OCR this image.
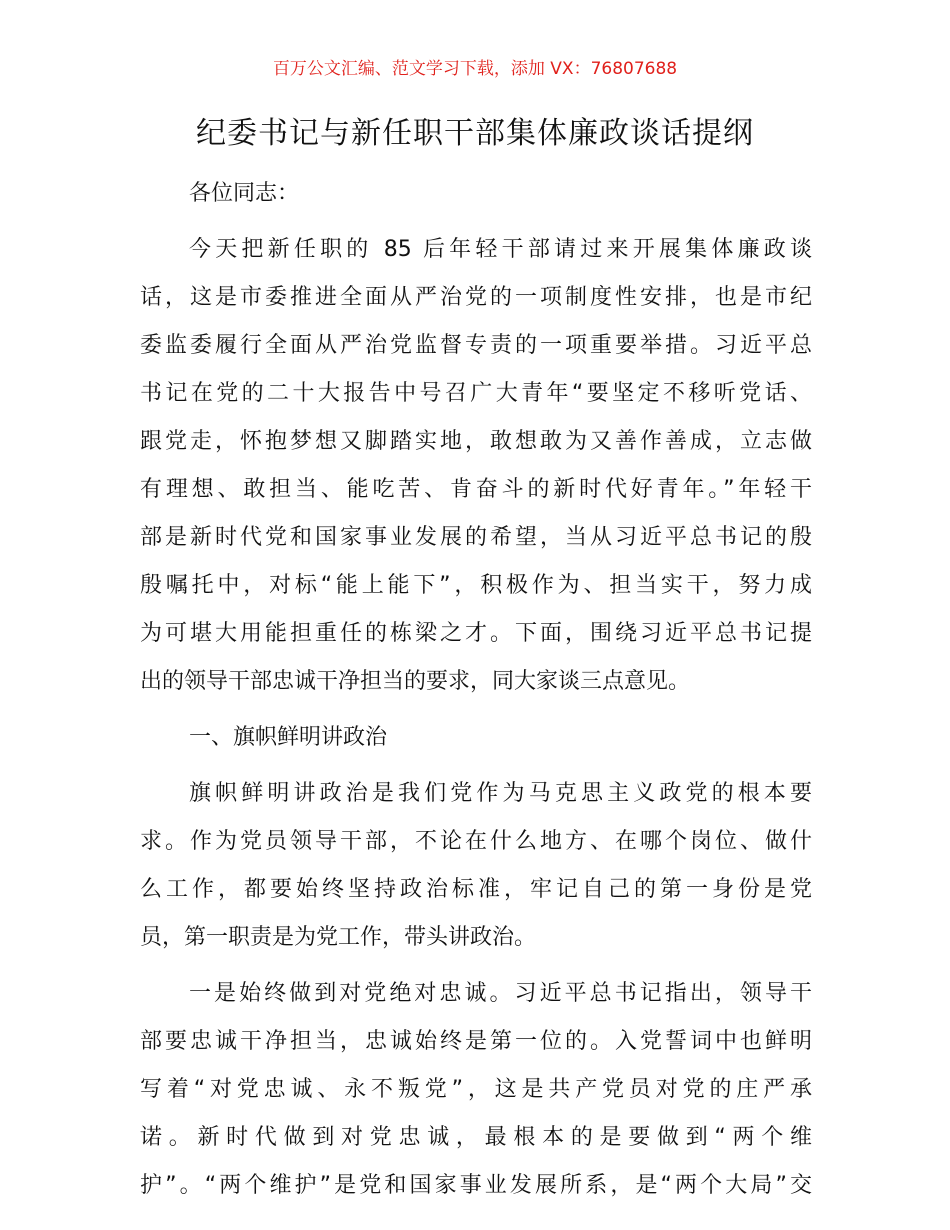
百万公文汇编、范文学习下载，添加 VX：76807688
纪委书记与新任职干部集体廉政谈话提纲
各位同志：
今天把新任职的 85 后年轻干部请过来开展集体廉政谈
话，这是市委推进全面从严治党的一项制度性安排，也是市纪
委监委履行全面从严治党监督专责的一项重要举措。习近平总
书记在党的二十大报告中号召广大青年“要坚定不移听党话、
跟党走，怀抱梦想又脚踏实地，敢想敢为又善作善成，立志做
有理想、敢担当、能吃苦、肯奋斗的新时代好青年。”年轻干
部是新时代党和国家事业发展的希望，当从习近平总书记的殷
殷嘱托中，对标“能上能下”，积极作为、担当实干，努力成
为可堪大用能担重任的栋梁之才。下面，围绕习近平总书记提
出的领导干部忠诚干净担当的要求，同大家谈三点意见。
一、旗帜鲜明讲政治
旗帜鲜明讲政治是我们党作为马克思主义政党的根本要
求。作为党员领导干部，不论在什么地方、在哪个岗位、做什
么工作，都要始终坚持政治标准，牢记自己的第一身份是党
员，第一职责是为党工作，带头讲政治。
一是始终做到对党绝对忠诚。习近平总书记指出，领导干
部要忠诚干净担当，忠诚始终是第一位的。入党誓词中也鲜明
写着“对党忠诚、永不叛党”，这是共产党员对党的庄严承
诺。新时代做到对党忠诚，最根本的是要做到“两个维
护”。“两个维护”是党和国家事业发展所系，是“两个大局”交
